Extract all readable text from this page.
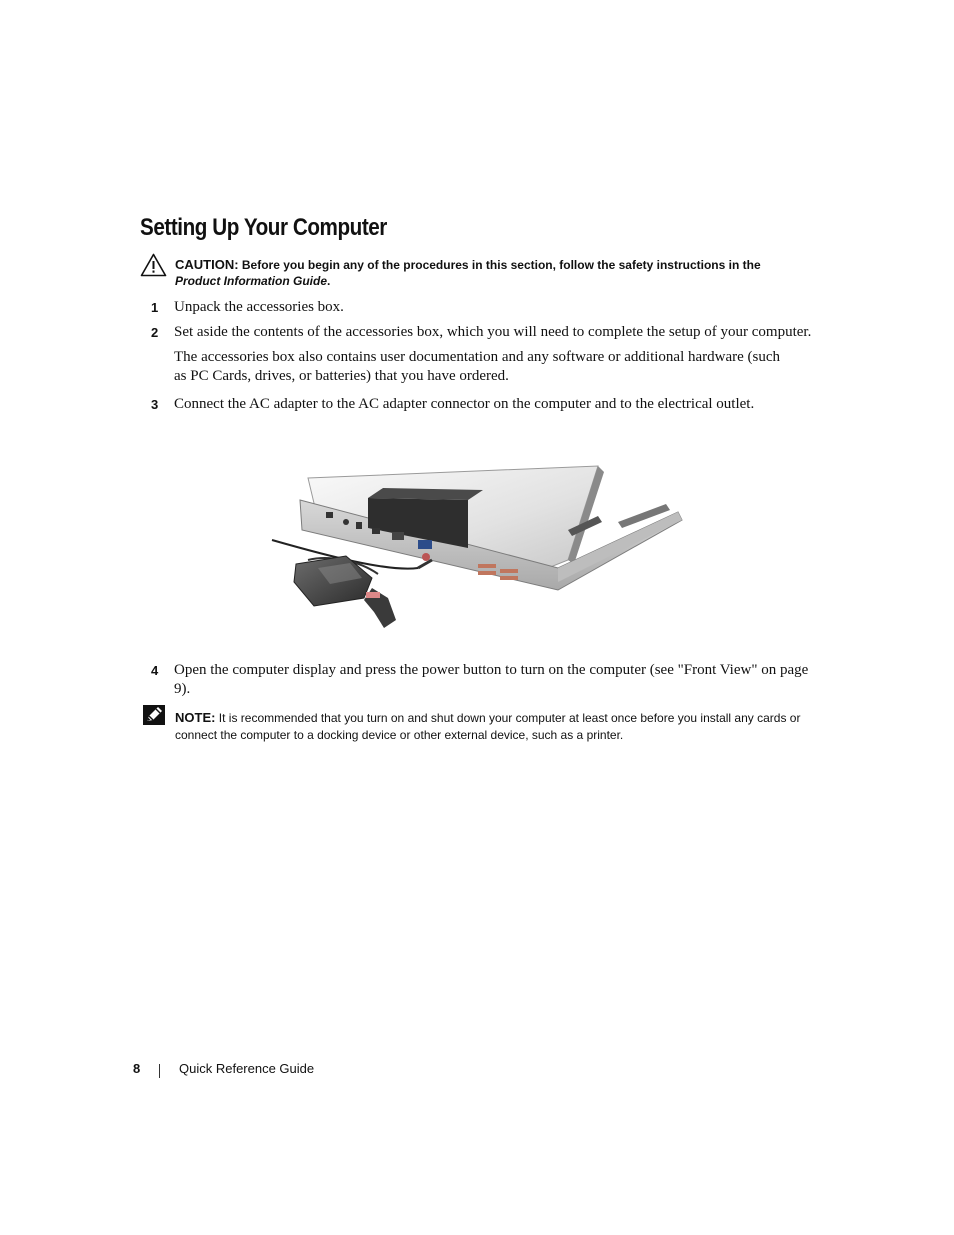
Setting Up Your Computer
CAUTION: Before you begin any of the procedures in this section, follow the safety instructions in the
Product Information Guide.
1 Unpack the accessories box.
2 Set aside the contents of the accessories box, which you will need to complete the setup of your computer.
The accessories box also contains user documentation and any software or additional hardware (such as PC Cards, drives, or batteries) that you have ordered.
3 Connect the AC adapter to the AC adapter connector on the computer and to the electrical outlet.
4 Open the computer display and press the power button to turn on the computer (see "Front View" on page 9).
NOTE: It is recommended that you turn on and shut down your computer at least once before you install any cards or connect the computer to a docking device or other external device, such as a printer.
8	Quick Reference Guide
